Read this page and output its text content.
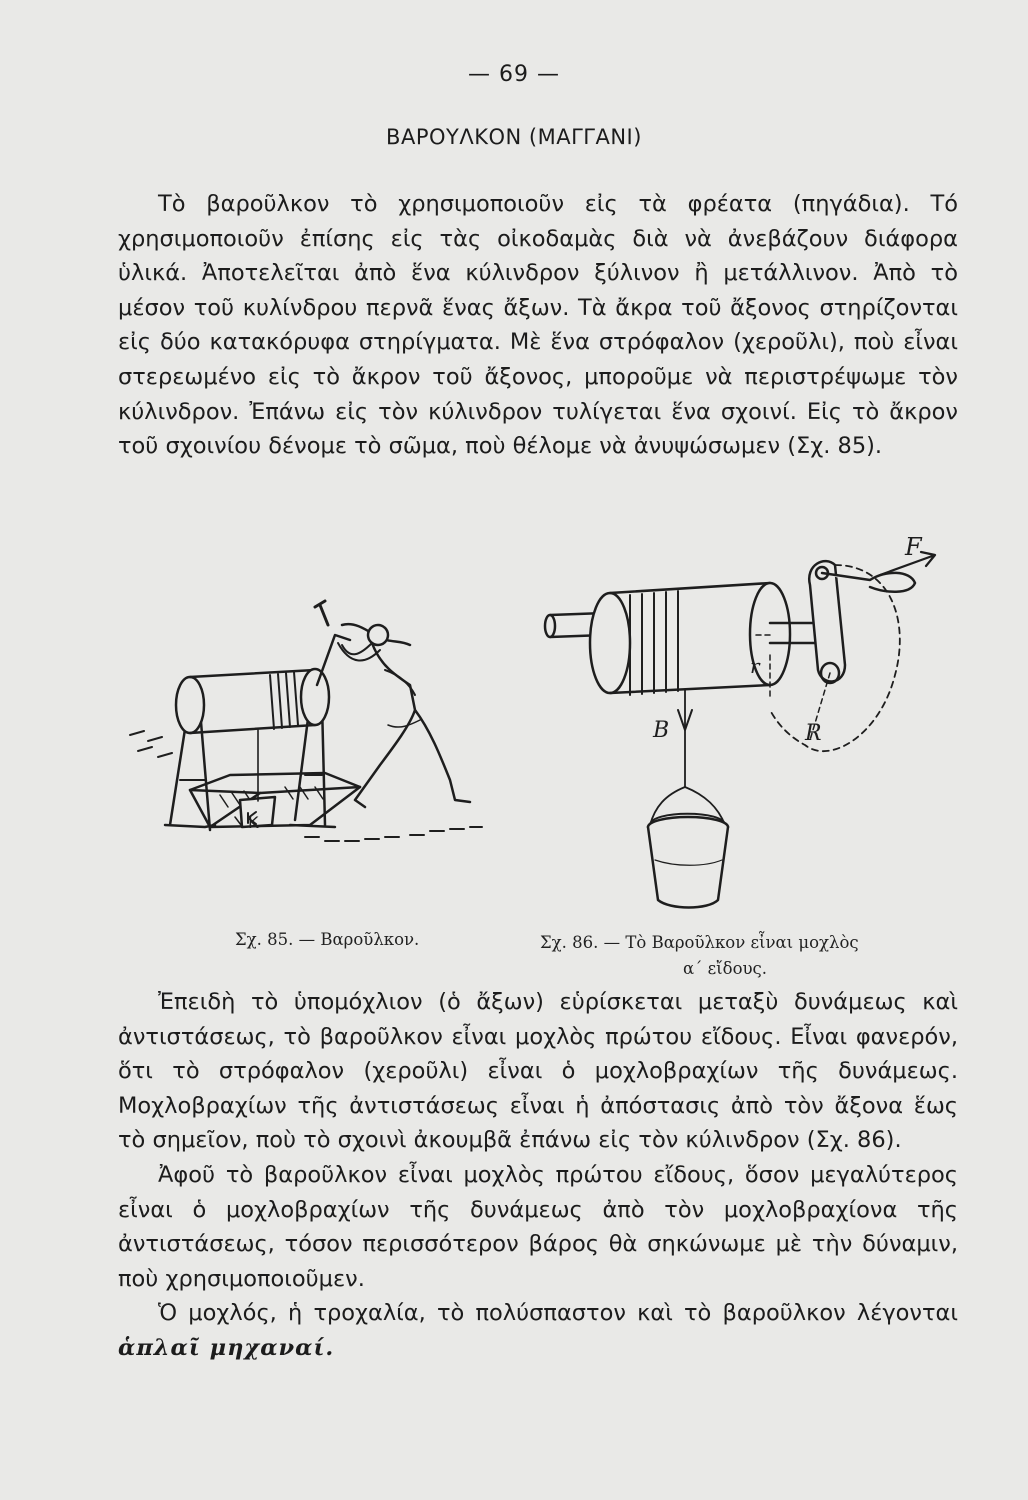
— 69 —
ΒΑΡΟΥΛΚΟΝ (ΜΑΓΓΑΝΙ)

Τὸ βαροῦλκον τὸ χρησιμοποιοῦν εἰς τὰ φρέατα (πηγάδια). Τό χρησιμοποιοῦν ἐπίσης εἰς τὰς οἰκοδαμὰς διὰ νὰ ἀνεβάζουν διάφορα ὑλικά. Ἀποτελεῖται ἀπὸ ἕνα κύλινδρον ξύλινον ἢ μετάλλινον. Ἀπὸ τὸ μέσον τοῦ κυλίνδρου περνᾶ ἕνας ἄξων. Τὰ ἄκρα τοῦ ἄξονος στηρίζονται εἰς δύο κατακόρυφα στηρίγματα. Μὲ ἕνα στρόφαλον (χεροῦλι), ποὺ εἶναι στερεωμένο εἰς τὸ ἄκρον τοῦ ἄξονος, μποροῦμε νὰ περιστρέψωμε τὸν κύλινδρον. Ἐπάνω εἰς τὸν κύλινδρον τυλίγεται ἕνα σχοινί. Εἰς τὸ ἄκρον τοῦ σχοινίου δένομε τὸ σῶμα, ποὺ θέλομε νὰ ἀνυψώσωμεν (Σχ. 85).

K
F
r
R
B
Σχ. 85. — Βαροῦλκον.	Σχ. 86. — Τὸ Βαροῦλκον εἶναι μοχλὸς
α΄ εἴδους.

Ἐπειδὴ τὸ ὑπομόχλιον (ὁ ἄξων) εὑρίσκεται μεταξὺ δυνάμεως καὶ ἀντιστάσεως, τὸ βαροῦλκον εἶναι μοχλὸς πρώτου εἴδους. Εἶναι φανερόν, ὅτι τὸ στρόφαλον (χεροῦλι) εἶναι ὁ μοχλοβραχίων τῆς δυνάμεως. Μοχλοβραχίων τῆς ἀντιστάσεως εἶναι ἡ ἀπόστασις ἀπὸ τὸν ἄξονα ἕως τὸ σημεῖον, ποὺ τὸ σχοινὶ ἀκουμβᾶ ἐπάνω εἰς τὸν κύλινδρον (Σχ. 86).

Ἀφοῦ τὸ βαροῦλκον εἶναι μοχλὸς πρώτου εἴδους, ὅσον μεγαλύτερος εἶναι ὁ μοχλοβραχίων τῆς δυνάμεως ἀπὸ τὸν μοχλοβραχίονα τῆς ἀντιστάσεως, τόσον περισσότερον βάρος θὰ σηκώνωμε μὲ τὴν δύναμιν, ποὺ χρησιμοποιοῦμεν.

Ὁ μοχλός, ἡ τροχαλία, τὸ πολύσπαστον καὶ τὸ βαροῦλκον λέγονται ἁπλαῖ μηχαναί.
